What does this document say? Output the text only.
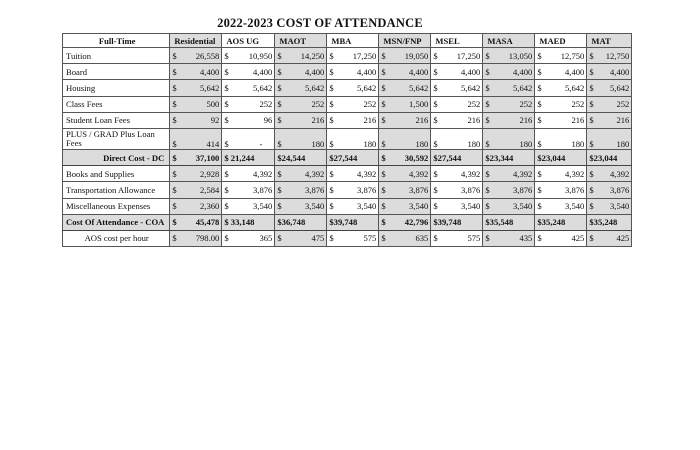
2022-2023 COST OF ATTENDANCE
Full-Time	Residential	AOS UG	MAOT	MBA	MSN/FNP	MSEL	MASA	MAED	MAT
Tuition	$ 26,558	$ 10,950	$ 14,250	$ 17,250	$ 19,050	$ 17,250	$ 13,050	$ 12,750	$ 12,750

Board	$ 4,400	$ 4,400	$ 4,400	$ 4,400	$ 4,400	$ 4,400	$ 4,400	$ 4,400	$ 4,400

Housing	$ 5,642	$ 5,642	$ 5,642	$ 5,642	$ 5,642	$ 5,642	$ 5,642	$ 5,642	$ 5,642

Class Fees	$ 500	$ 252	$ 252	$ 252	$ 1,500	$ 252	$ 252	$ 252	$ 252

Student Loan Fees	$ 92	$ 96	$ 216	$ 216	$ 216	$ 216	$ 216	$ 216	$ 216

PLUS / GRAD Plus Loan Fees	$ 414	$ -	$ 180	$ 180	$ 180	$ 180	$ 180	$ 180	$ 180

Direct Cost - DC	$ 37,100	$ 21,244	$24,544	$27,544	$ 30,592	$27,544	$23,344	$23,044	$23,044
Books and Supplies	$ 2,928	$ 4,392	$ 4,392	$ 4,392	$ 4,392	$ 4,392	$ 4,392	$ 4,392	$ 4,392

Transportation Allowance	$ 2,584	$ 3,876	$ 3,876	$ 3,876	$ 3,876	$ 3,876	$ 3,876	$ 3,876	$ 3,876

Miscellaneous Expenses	$ 2,360	$ 3,540	$ 3,540	$ 3,540	$ 3,540	$ 3,540	$ 3,540	$ 3,540	$ 3,540

Cost Of Attendance - COA	$ 45,478	$ 33,148	$36,748	$39,748	$ 42,796	$39,748	$35,548	$35,248	$35,248
AOS cost per hour	$ 798.00	$ 365	$ 475	$ 575	$ 635	$ 575	$ 435	$ 425	$ 425
